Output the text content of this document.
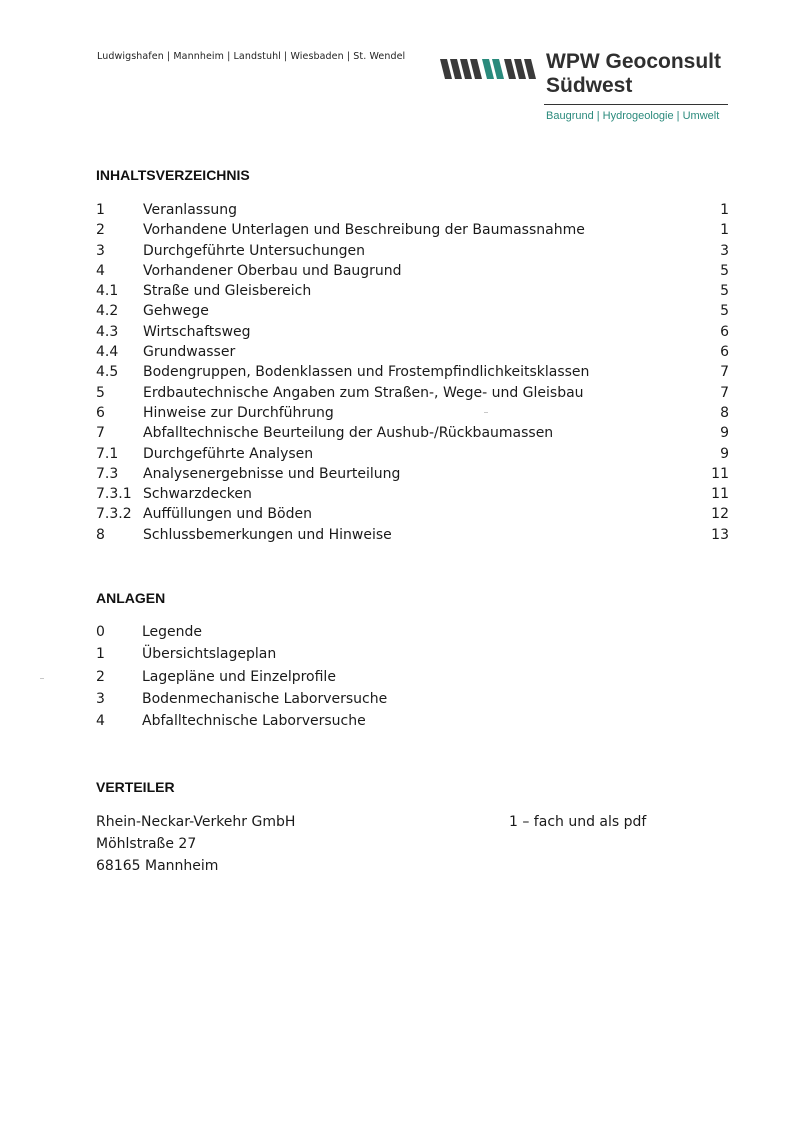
Ludwigshafen | Mannheim | Landstuhl | Wiesbaden | St. Wendel	WPW Geoconsult
Südwest
Baugrund | Hydrogeologie | Umwelt
INHALTSVERZEICHNIS
1	Veranlassung	1
2	Vorhandene Unterlagen und Beschreibung der Baumassnahme	1
3	Durchgeführte Untersuchungen	3
4	Vorhandener Oberbau und Baugrund	5
4.1 Straße und Gleisbereich	5
4.2 Gehwege	5
4.3 Wirtschaftsweg	6
4.4 Grundwasser	6
4.5 Bodengruppen, Bodenklassen und Frostempfindlichkeitsklassen	7
5	Erdbautechnische Angaben zum Straßen-, Wege- und Gleisbau	7
6	Hinweise zur Durchführung	8
7	Abfalltechnische Beurteilung der Aushub-/Rückbaumassen	9
7.1 Durchgeführte Analysen	9
7.3 Analysenergebnisse und Beurteilung	11
7.3.1 Schwarzdecken	11
7.3.2 Auffüllungen und Böden	12
8	Schlussbemerkungen und Hinweise	13
ANLAGEN
0	Legende
1	Übersichtslageplan
2	Lagepläne und Einzelprofile
3	Bodenmechanische Laborversuche
4	Abfalltechnische Laborversuche
VERTEILER
Rhein-Neckar-Verkehr GmbH
Möhlstraße 27
68165 Mannheim
1 – fach und als pdf
